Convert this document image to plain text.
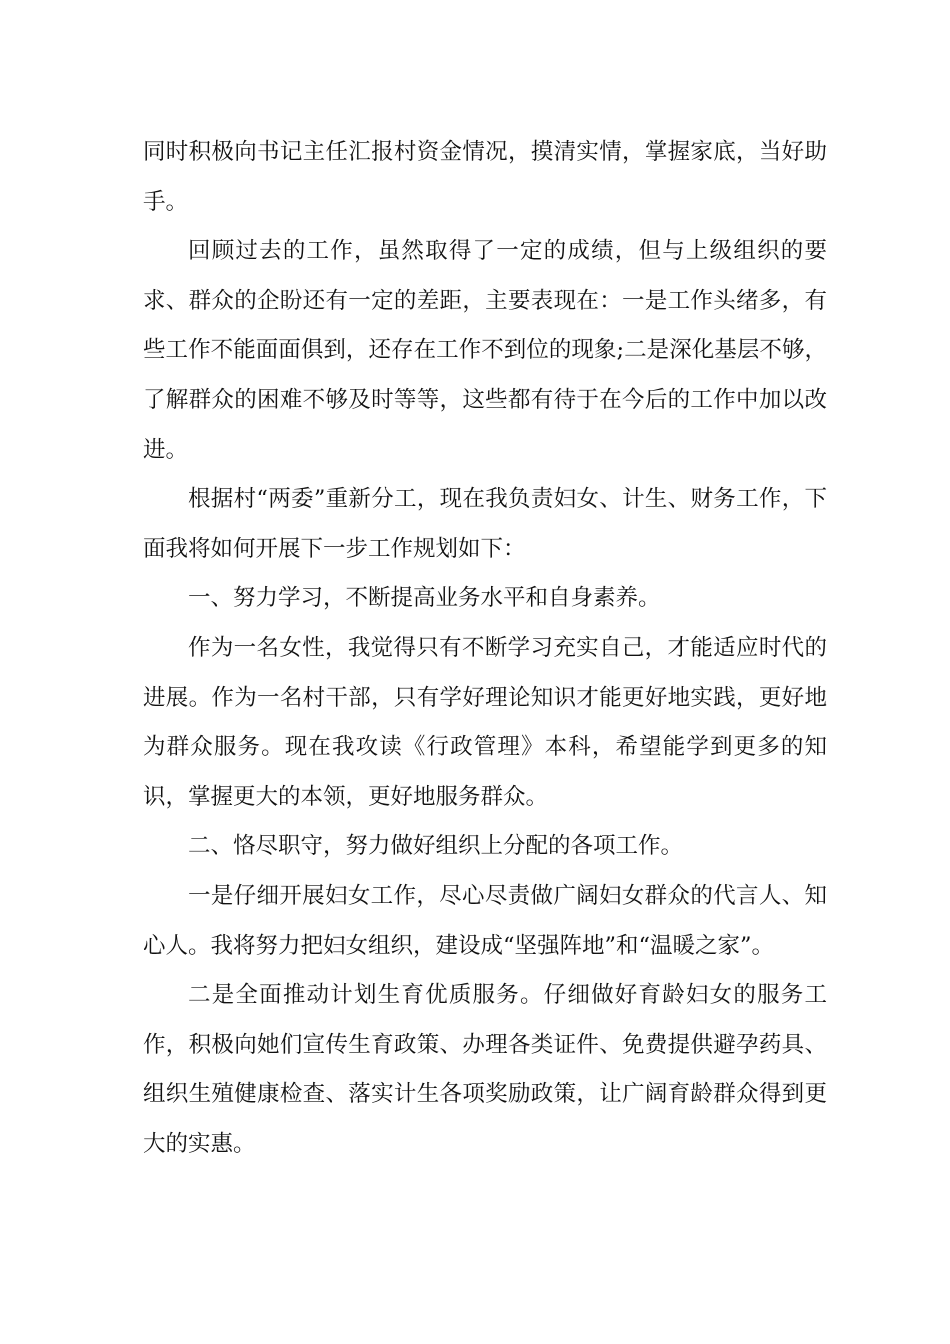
同时积极向书记主任汇报村资金情况，摸清实情，掌握家底，当好助手。

回顾过去的工作，虽然取得了一定的成绩，但与上级组织的要求、群众的企盼还有一定的差距，主要表现在：一是工作头绪多，有些工作不能面面俱到，还存在工作不到位的现象;二是深化基层不够，了解群众的困难不够及时等等，这些都有待于在今后的工作中加以改进。

根据村“两委”重新分工，现在我负责妇女、计生、财务工作，下面我将如何开展下一步工作规划如下：

一、努力学习，不断提高业务水平和自身素养。

作为一名女性，我觉得只有不断学习充实自己，才能适应时代的进展。作为一名村干部，只有学好理论知识才能更好地实践，更好地为群众服务。现在我攻读《行政管理》本科，希望能学到更多的知识，掌握更大的本领，更好地服务群众。

二、恪尽职守，努力做好组织上分配的各项工作。

一是仔细开展妇女工作，尽心尽责做广阔妇女群众的代言人、知心人。我将努力把妇女组织，建设成“坚强阵地”和“温暖之家”。

二是全面推动计划生育优质服务。仔细做好育龄妇女的服务工作，积极向她们宣传生育政策、办理各类证件、免费提供避孕药具、组织生殖健康检查、落实计生各项奖励政策，让广阔育龄群众得到更大的实惠。
